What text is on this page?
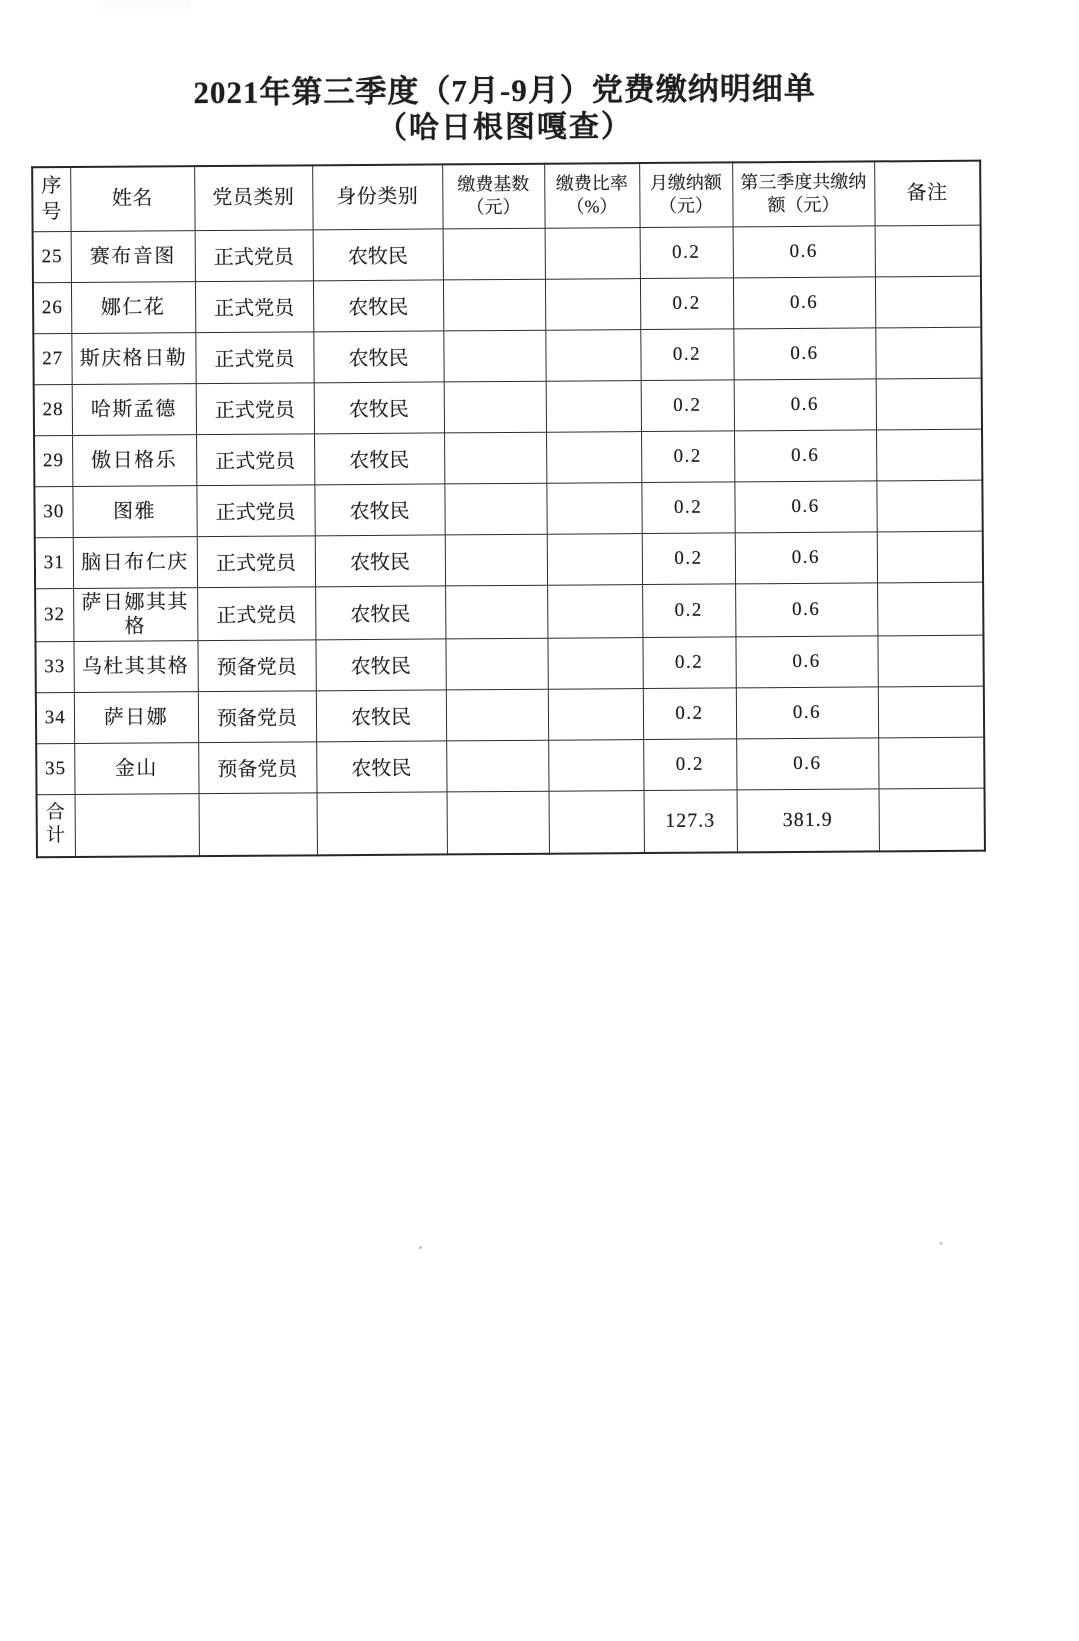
2021年第三季度（7月-9月）党费缴纳明细单
（哈日根图嘎查）
序号	姓名	党员类别	身份类别	缴费基数（元）	缴费比率（%）	月缴纳额（元）	第三季度共缴纳额（元）	备注
25	赛布音图	正式党员	农牧民			0.2	0.6	
26	娜仁花	正式党员	农牧民			0.2	0.6	
27	斯庆格日勒	正式党员	农牧民			0.2	0.6	
28	哈斯孟德	正式党员	农牧民			0.2	0.6	
29	傲日格乐	正式党员	农牧民			0.2	0.6	
30	图雅	正式党员	农牧民			0.2	0.6	
31	脑日布仁庆	正式党员	农牧民			0.2	0.6	
32	萨日娜其其格	正式党员	农牧民			0.2	0.6	
33	乌杜其其格	预备党员	农牧民			0.2	0.6	
34	萨日娜	预备党员	农牧民			0.2	0.6	
35	金山	预备党员	农牧民			0.2	0.6	
合计						127.3	381.9	
